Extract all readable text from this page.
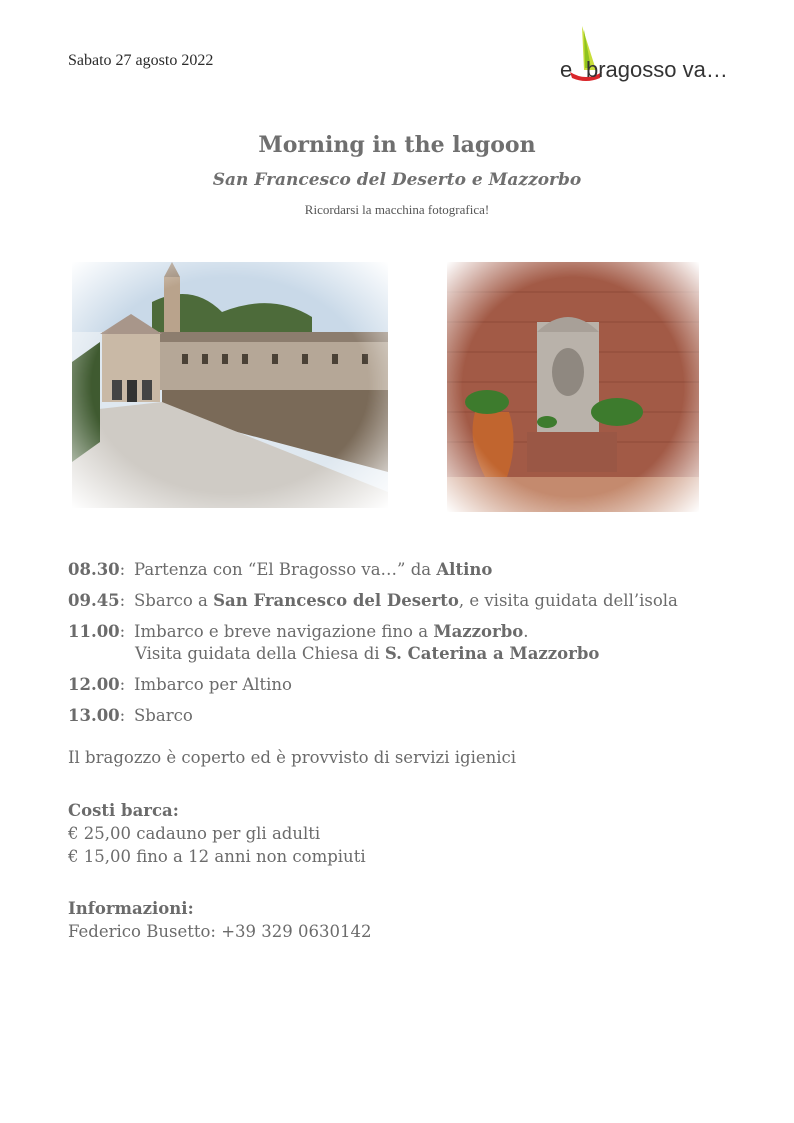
Sabato 27 agosto 2022	e bragosso va…
Morning in the lagoon
San Francesco del Deserto e Mazzorbo
Ricordarsi la macchina fotografica!
08.30: Partenza con “El Bragosso va…” da Altino
09.45: Sbarco a San Francesco del Deserto, e visita guidata dell’isola
11.00: Imbarco e breve navigazione fino a Mazzorbo.
Visita guidata della Chiesa di S. Caterina a Mazzorbo
12.00: Imbarco per Altino
13.00: Sbarco
Il bragozzo è coperto ed è provvisto di servizi igienici
Costi barca:
€ 25,00 cadauno per gli adulti
€ 15,00 fino a 12 anni non compiuti
Informazioni:
Federico Busetto: +39 329 0630142
